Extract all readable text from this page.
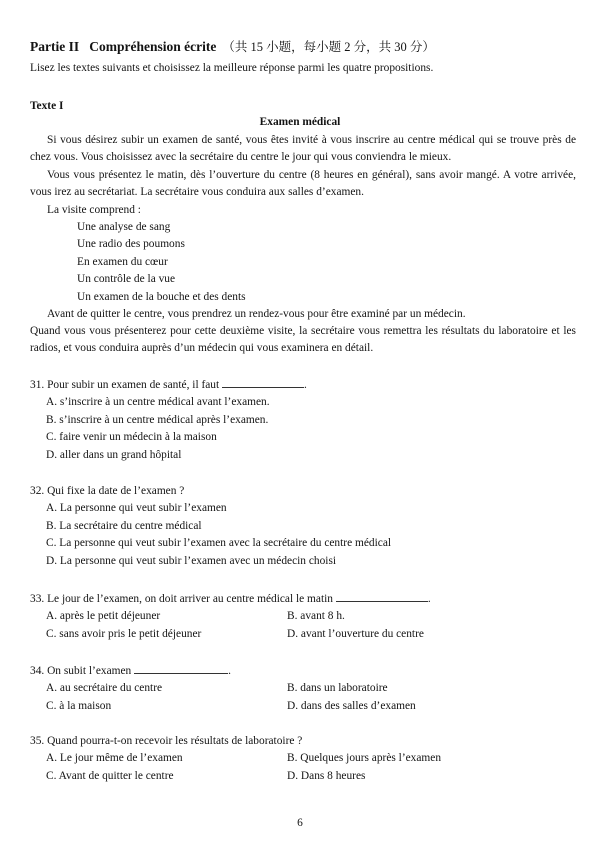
Partie II Compréhension écrite （共 15 小题，每小题 2 分，共 30 分）
Lisez les textes suivants et choisissez la meilleure réponse parmi les quatre propositions.
Texte I
Examen médical
Si vous désirez subir un examen de santé, vous êtes invité à vous inscrire au centre médical qui se trouve près de chez vous. Vous choisissez avec la secrétaire du centre le jour qui vous conviendra le mieux.
Vous vous présentez le matin, dès l’ouverture du centre (8 heures en général), sans avoir mangé. A votre arrivée, vous irez au secrétariat. La secrétaire vous conduira aux salles d’examen.
La visite comprend :
Une analyse de sang
Une radio des poumons
En examen du cœur
Un contrôle de la vue
Un examen de la bouche et des dents
Avant de quitter le centre, vous prendrez un rendez-vous pour être examiné par un médecin.
Quand vous vous présenterez pour cette deuxième visite, la secrétaire vous remettra les résultats du laboratoire et les radios, et vous conduira auprès d’un médecin qui vous examinera en détail.
31. Pour subir un examen de santé, il faut	.
A. s’inscrire à un centre médical avant l’examen.
B. s’inscrire à un centre médical après l’examen.
C. faire venir un médecin à la maison
D. aller dans un grand hôpital
32. Qui fixe la date de l’examen ?
A. La personne qui veut subir l’examen
B. La secrétaire du centre médical
C. La personne qui veut subir l’examen avec la secrétaire du centre médical
D. La personne qui veut subir l’examen avec un médecin choisi
33. Le jour de l’examen, on doit arriver au centre médical le matin	.
A. après le petit déjeuner	B. avant 8 h.
C. sans avoir pris le petit déjeuner	D. avant l’ouverture du centre
34. On subit l’examen	.
A. au secrétaire du centre	B. dans un laboratoire
C. à la maison	D. dans des salles d’examen
35. Quand pourra-t-on recevoir les résultats de laboratoire ?
A. Le jour même de l’examen	B. Quelques jours après l’examen
C. Avant de quitter le centre	D. Dans 8 heures
6
